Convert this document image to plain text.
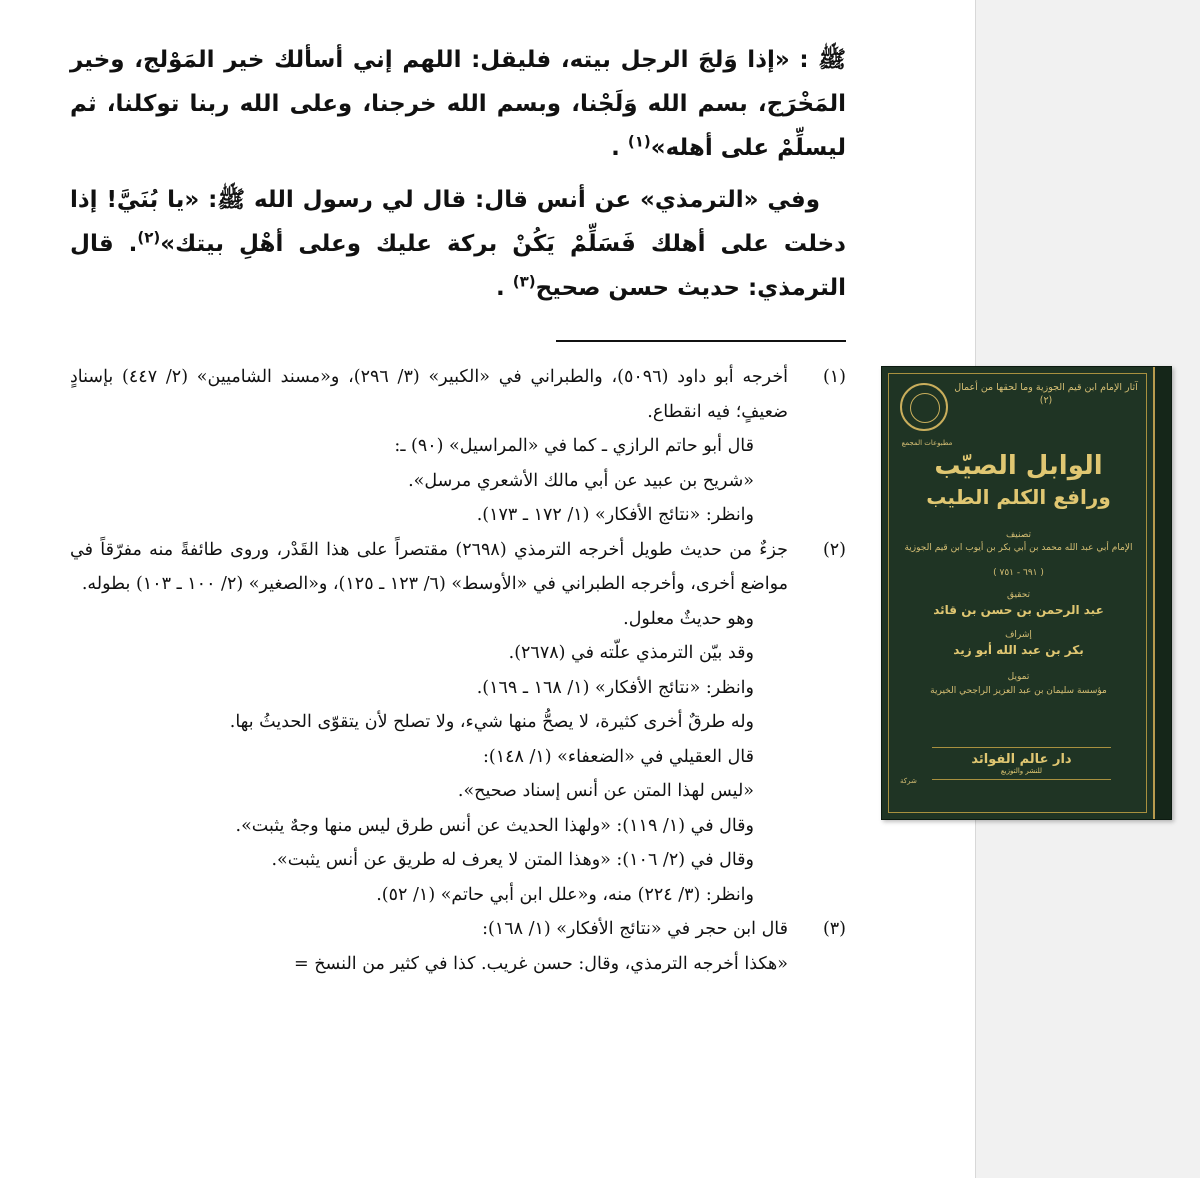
ﷺ : «إذا وَلجَ الرجل بيته، فليقل: اللهم إني أسألك خير المَوْلج، وخير المَخْرَج، بسم الله وَلَجْنا، وبسم الله خرجنا، وعلى الله ربنا توكلنا، ثم ليسلِّمْ على أهله»$^{(١)}$ .

وفي «الترمذي» عن أنس قال: قال لي رسول الله ﷺ: «يا بُنَيَّ! إذا دخلت على أهلك فَسَلِّمْ يَكُنْ بركة عليك وعلى أهْلِ بيتك»$^{(٢)}$. قال الترمذي: حديث حسن صحيح$^{(٣)}$ .

(١)
أخرجه أبو داود (٥٠٩٦)، والطبراني في «الكبير» (٣/ ٢٩٦)، و«مسند الشاميين» (٢/ ٤٤٧) بإسنادٍ ضعيفٍ؛ فيه انقطاع.
قال أبو حاتم الرازي ـ كما في «المراسيل» (٩٠) ـ:
«شريح بن عبيد عن أبي مالك الأشعري مرسل».
وانظر: «نتائج الأفكار» (١/ ١٧٢ ـ ١٧٣).
(٢)
جزءٌ من حديث طويل أخرجه الترمذي (٢٦٩٨) مقتصراً على هذا القَدْر، وروى طائفةً منه مفرّقاً في مواضع أخرى، وأخرجه الطبراني في «الأوسط» (٦/ ١٢٣ ـ ١٢٥)، و«الصغير» (٢/ ١٠٠ ـ ١٠٣) بطوله.
وهو حديثٌ معلول.
وقد بيّن الترمذي علّته في (٢٦٧٨).
وانظر: «نتائج الأفكار» (١/ ١٦٨ ـ ١٦٩).
وله طرقٌ أخرى كثيرة، لا يصحُّ منها شيء، ولا تصلح لأن يتقوّى الحديثُ بها.
قال العقيلي في «الضعفاء» (١/ ١٤٨):
«ليس لهذا المتن عن أنس إسناد صحيح».
وقال في (١/ ١١٩): «ولهذا الحديث عن أنس طرق ليس منها وجهٌ يثبت».
وقال في (٢/ ١٠٦): «وهذا المتن لا يعرف له طريق عن أنس يثبت».
وانظر: (٣/ ٢٢٤) منه، و«علل ابن أبي حاتم» (١/ ٥٢).
(٣)
قال ابن حجر في «نتائج الأفكار» (١/ ١٦٨):
«هكذا أخرجه الترمذي، وقال: حسن غريب. كذا في كثير من النسخ =
آثار الإمام ابن قيم الجوزية وما لحقها من أعمال
(٢)
مطبوعات المجمع
الوابل الصيّب
ورافع الكلم الطيب
تصنيف
الإمام أبي عبد الله محمد بن أبي بكر بن أيوب ابن قيم الجوزية
( ٦٩١ - ٧٥١ )
تحقيق
عبد الرحمن بن حسن بن قائد
إشراف
بكر بن عبد الله أبو زيد
تمويل
مؤسسة سليمان بن عبد العزيز الراجحي الخيرية
دار عالم الفوائد
للنشر والتوزيع
شركة
